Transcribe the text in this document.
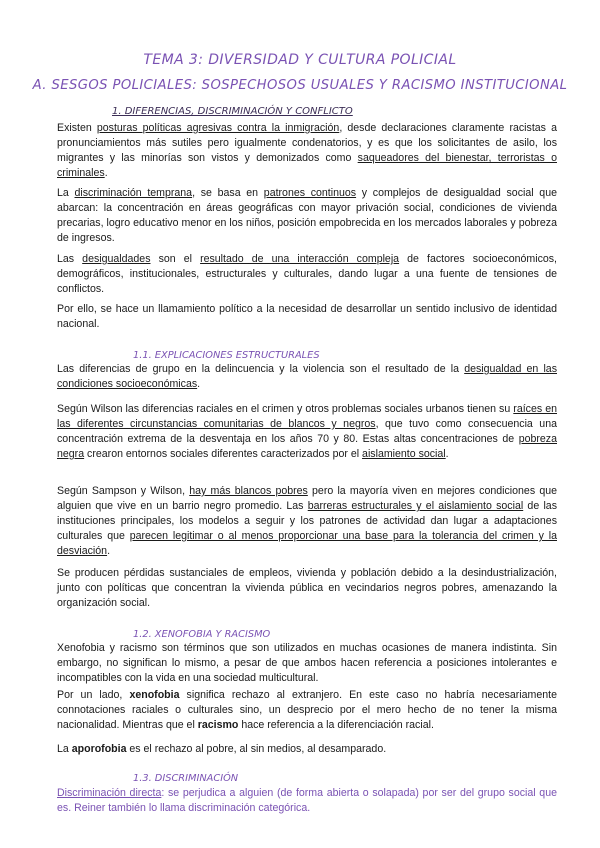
TEMA 3: DIVERSIDAD Y CULTURA POLICIAL
A. SESGOS POLICIALES: SOSPECHOSOS USUALES Y RACISMO INSTITUCIONAL
1. DIFERENCIAS, DISCRIMINACIÓN Y CONFLICTO
Existen posturas políticas agresivas contra la inmigración, desde declaraciones claramente racistas a pronunciamientos más sutiles pero igualmente condenatorios, y es que los solicitantes de asilo, los migrantes y las minorías son vistos y demonizados como saqueadores del bienestar, terroristas o criminales.
La discriminación temprana, se basa en patrones continuos y complejos de desigualdad social que abarcan: la concentración en áreas geográficas con mayor privación social, condiciones de vivienda precarias, logro educativo menor en los niños, posición empobrecida en los mercados laborales y pobreza de ingresos.
Las desigualdades son el resultado de una interacción compleja de factores socioeconómicos, demográficos, institucionales, estructurales y culturales, dando lugar a una fuente de tensiones de conflictos.
Por ello, se hace un llamamiento político a la necesidad de desarrollar un sentido inclusivo de identidad nacional.
1.1. EXPLICACIONES ESTRUCTURALES
Las diferencias de grupo en la delincuencia y la violencia son el resultado de la desigualdad en las condiciones socioeconómicas.
Según Wilson las diferencias raciales en el crimen y otros problemas sociales urbanos tienen su raíces en las diferentes circunstancias comunitarias de blancos y negros, que tuvo como consecuencia una concentración extrema de la desventaja en los años 70 y 80. Estas altas concentraciones de pobreza negra crearon entornos sociales diferentes caracterizados por el aislamiento social.
Según Sampson y Wilson, hay más blancos pobres pero la mayoría viven en mejores condiciones que alguien que vive en un barrio negro promedio. Las barreras estructurales y el aislamiento social de las instituciones principales, los modelos a seguir y los patrones de actividad dan lugar a adaptaciones culturales que parecen legitimar o al menos proporcionar una base para la tolerancia del crimen y la desviación.
Se producen pérdidas sustanciales de empleos, vivienda y población debido a la desindustrialización, junto con políticas que concentran la vivienda pública en vecindarios negros pobres, amenazando la organización social.
1.2. XENOFOBIA Y RACISMO
Xenofobia y racismo son términos que son utilizados en muchas ocasiones de manera indistinta. Sin embargo, no significan lo mismo, a pesar de que ambos hacen referencia a posiciones intolerantes e incompatibles con la vida en una sociedad multicultural.
Por un lado, xenofobia significa rechazo al extranjero. En este caso no habría necesariamente connotaciones raciales o culturales sino, un desprecio por el mero hecho de no tener la misma nacionalidad. Mientras que el racismo hace referencia a la diferenciación racial.
La aporofobia es el rechazo al pobre, al sin medios, al desamparado.
1.3. DISCRIMINACIÓN
Discriminación directa: se perjudica a alguien (de forma abierta o solapada) por ser del grupo social que es. Reiner también lo llama discriminación categórica.
